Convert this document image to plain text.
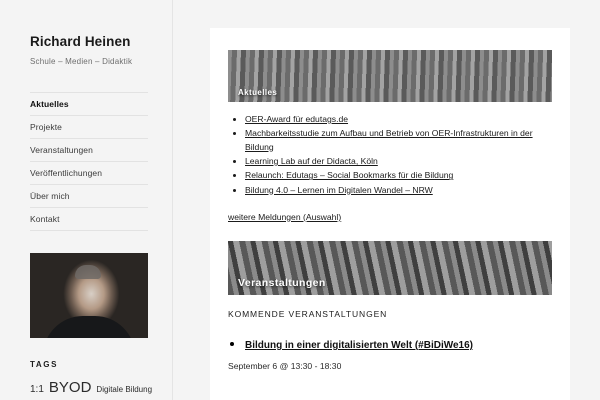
Richard Heinen
Schule – Medien – Didaktik
Aktuelles
Projekte
Veranstaltungen
Veröffentlichungen
Über mich
Kontakt
TAGS
1:1 BYOD Digitale Bildung
Aktuelles
• OER-Award für edutags.de
• Machbarkeitsstudie zum Aufbau und Betrieb von OER-Infrastrukturen in der Bildung
• Learning Lab auf der Didacta, Köln
• Relaunch: Edutags – Social Bookmarks für die Bildung
• Bildung 4.0 – Lernen im Digitalen Wandel – NRW
weitere Meldungen (Auswahl)
Veranstaltungen
KOMMENDE VERANSTALTUNGEN
• Bildung in einer digitalisierten Welt (#BiDiWe16)
September 6 @ 13:30 - 18:30
